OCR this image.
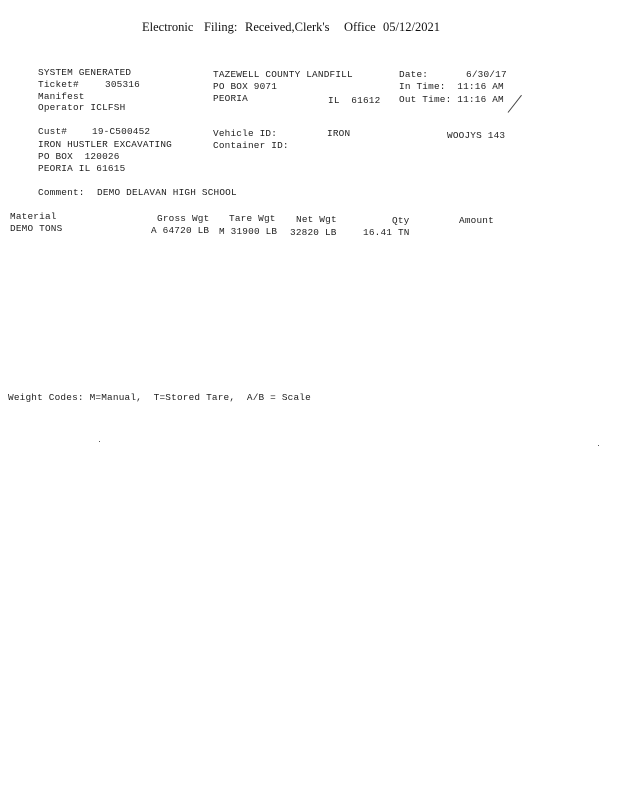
Electronic

Filing:

Received,Clerk's

Office

05/12/2021

SYSTEM GENERATED
Ticket#	305316
Manifest
Operator ICLFSH
TAZEWELL COUNTY LANDFILL
PO BOX 9071
PEORIA	IL  61612
Date:	6/30/17
In Time:  11:16 AM
Out Time: 11:16 AM
Cust#	19-C500452
IRON HUSTLER EXCAVATING
PO BOX  120026
PEORIA IL 61615
Vehicle ID:	IRON
Container ID:
WOOJYS 143
Comment: DEMO DELAVAN HIGH SCHOOL
Material	Gross Wgt Tare Wgt Net Wgt	Qty	Amount
DEMO TONS	A 64720 LB M 31900 LB 32820 LB	16.41 TN
Weight Codes: M=Manual,  T=Stored Tare,  A/B = Scale
